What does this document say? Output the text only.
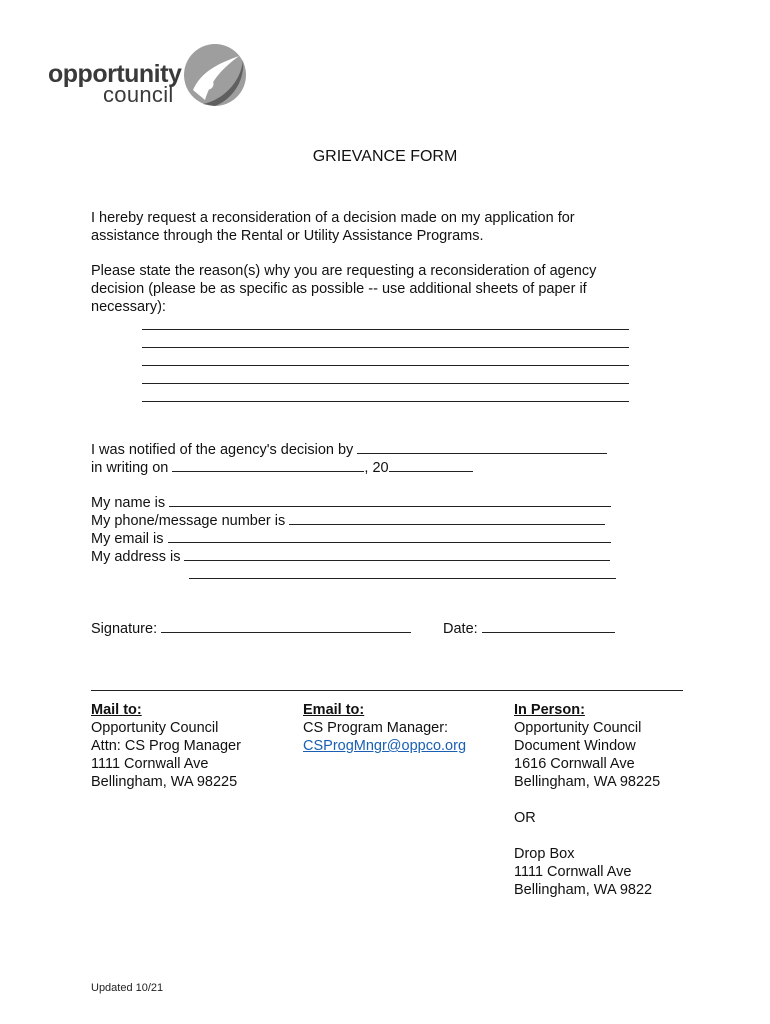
opportunity
council
GRIEVANCE FORM
I hereby request a reconsideration of a decision made on my application for
assistance through the Rental or Utility Assistance Programs.
Please state the reason(s) why you are requesting a reconsideration of agency
decision (please be as specific as possible -- use additional sheets of paper if
necessary):
I was notified of the agency's decision by
in writing on	, 20
My name is
My phone/message number is
My email is
My address is
Signature:	Date:
Mail to:
Opportunity Council
Attn: CS Prog Manager
1111 Cornwall Ave
Bellingham, WA 98225
Email to:
CS Program Manager:
CSProgMngr@oppco.org
In Person:
Opportunity Council
Document Window
1616 Cornwall Ave
Bellingham, WA 98225
OR
Drop Box
1111 Cornwall Ave
Bellingham, WA 9822
Updated 10/21
